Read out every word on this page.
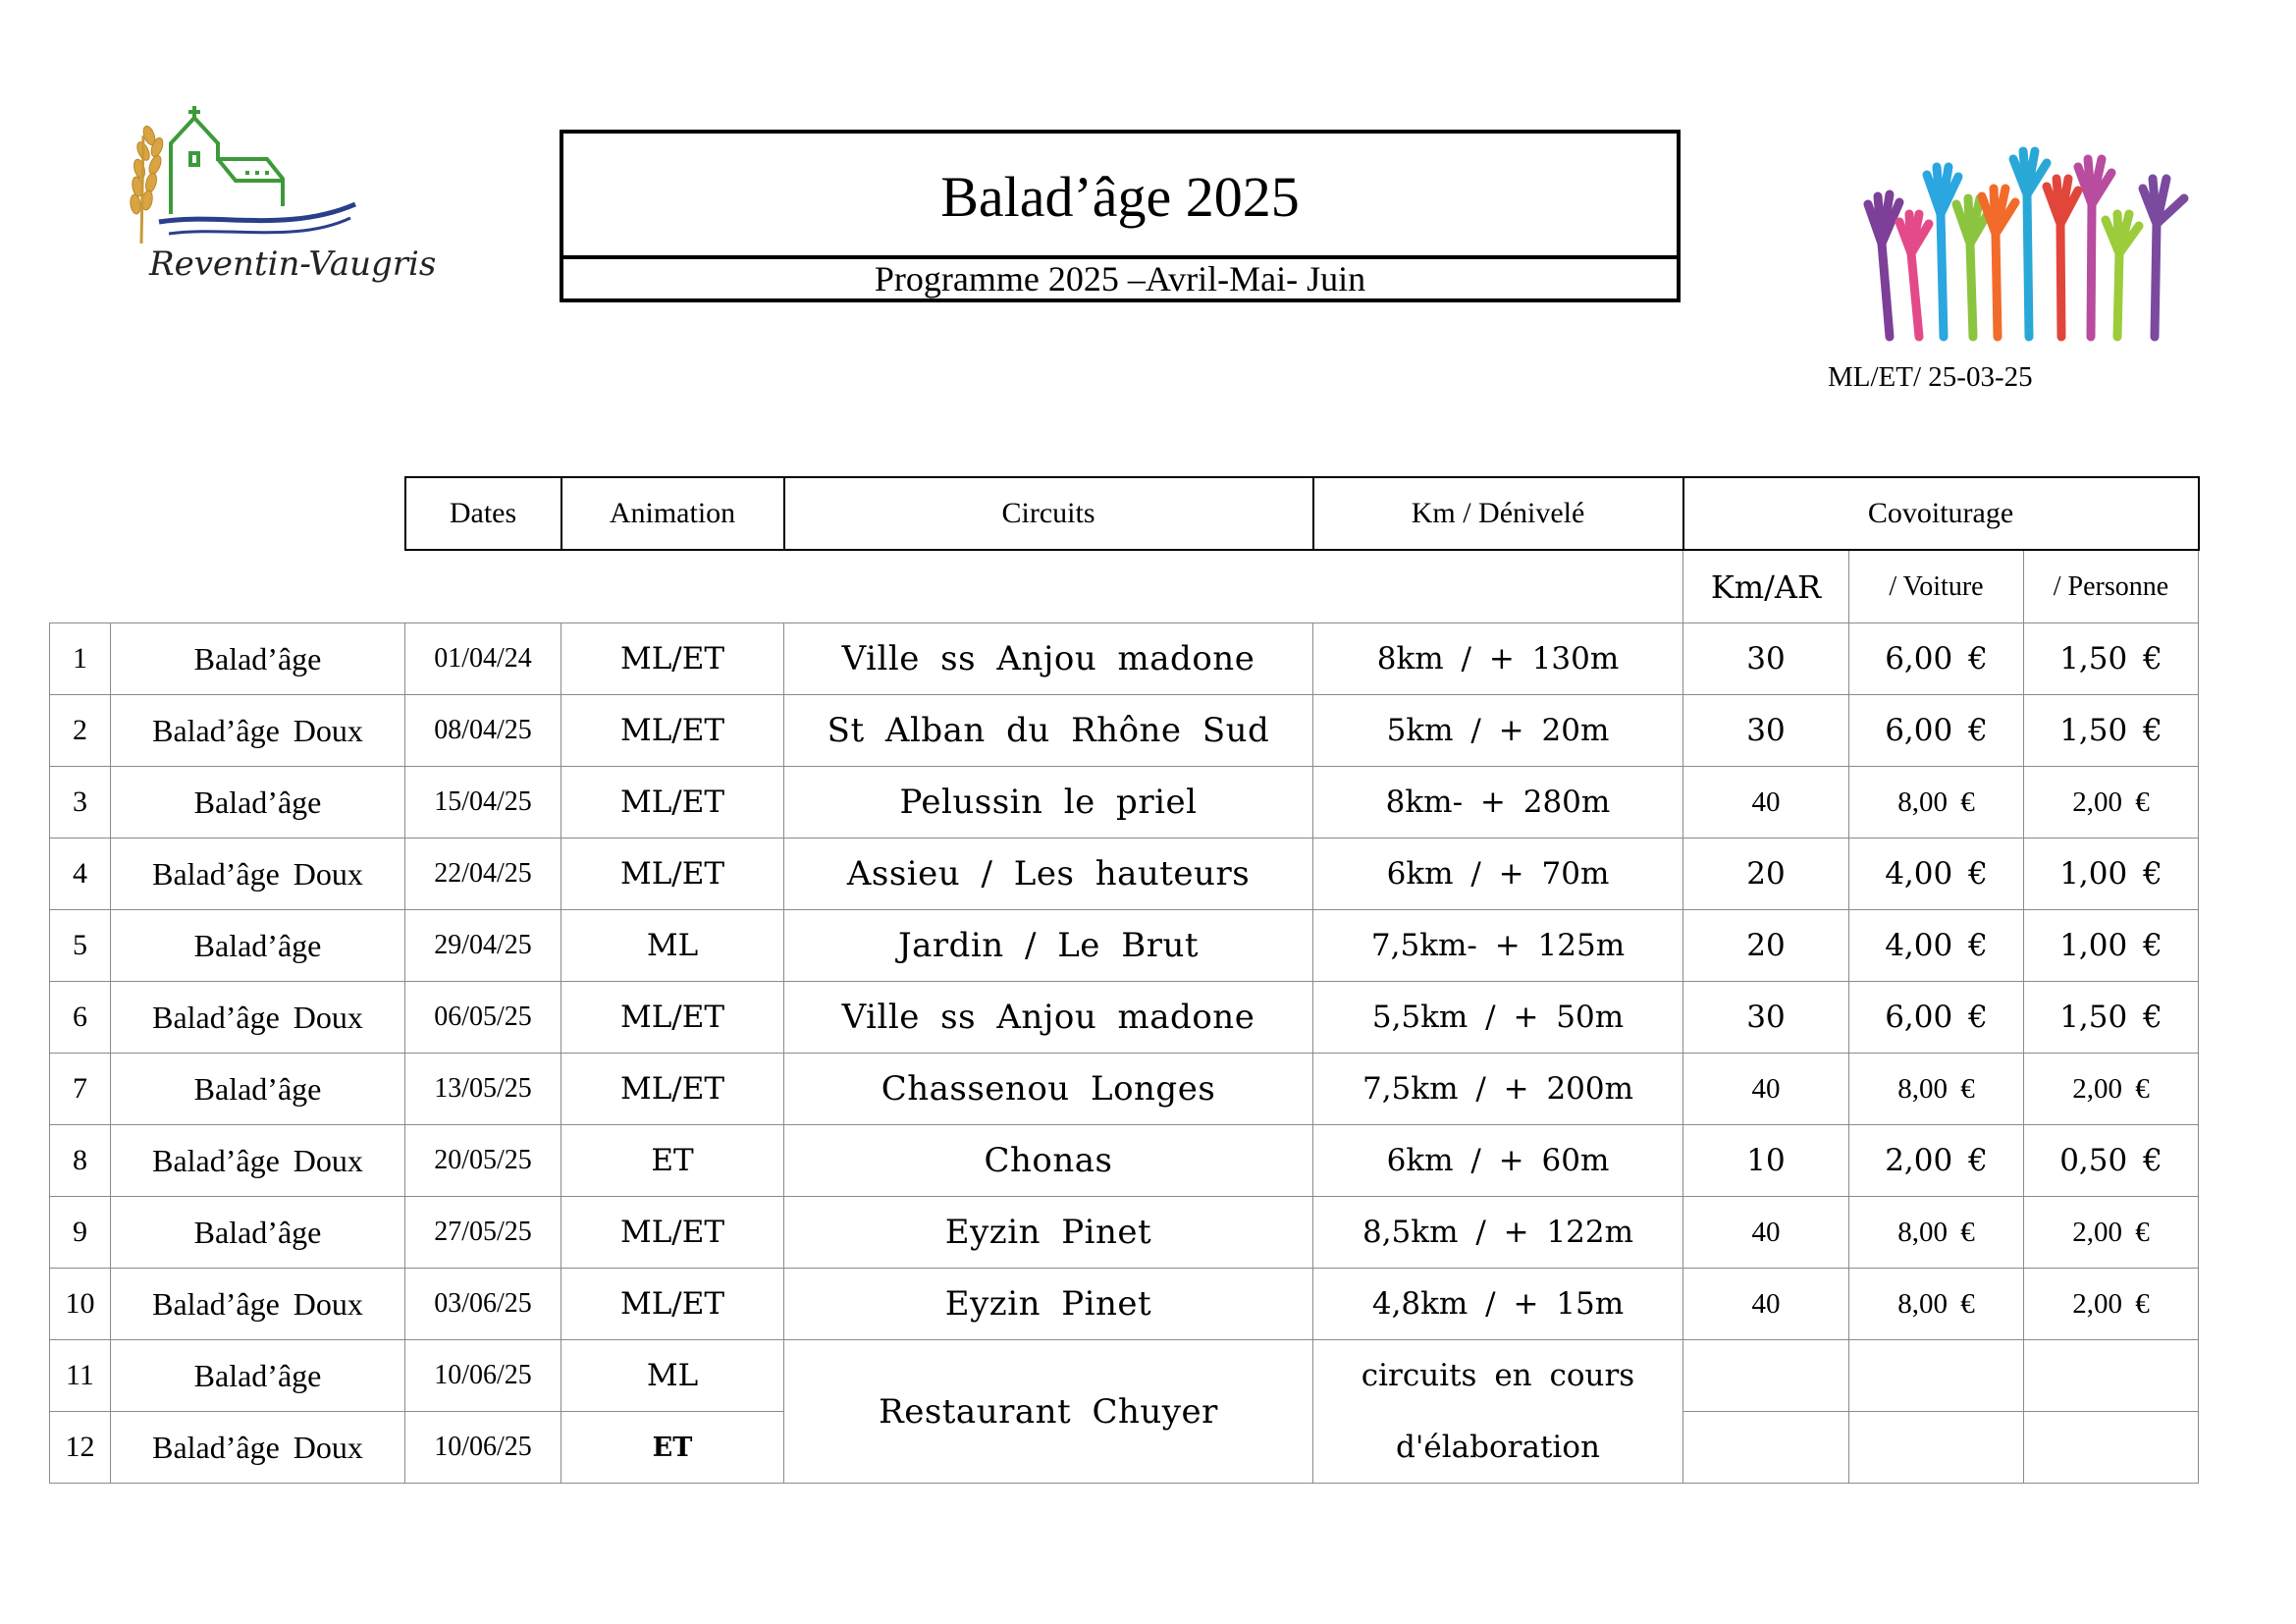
Reventin-Vaugris
Balad’âge 2025
Programme 2025 –Avril-Mai- Juin
ML/ET/ 25-03-25
		Dates	Animation	Circuits	Km / Dénivelé	Covoiturage		
						Km/AR	/ Voiture	/ Personne
1	Balad’âge	01/04/24	ML/ET	Ville ss Anjou madone	8km / + 130m	30	6,00 €	1,50 €
2	Balad’âge Doux	08/04/25	ML/ET	St Alban du Rhône Sud	5km / + 20m	30	6,00 €	1,50 €
3	Balad’âge	15/04/25	ML/ET	Pelussin le priel	8km- + 280m	40	8,00 €	2,00 €
4	Balad’âge Doux	22/04/25	ML/ET	Assieu / Les hauteurs	6km / + 70m	20	4,00 €	1,00 €
5	Balad’âge	29/04/25	ML	Jardin / Le Brut	7,5km- + 125m	20	4,00 €	1,00 €
6	Balad’âge Doux	06/05/25	ML/ET	Ville ss Anjou madone	5,5km / + 50m	30	6,00 €	1,50 €
7	Balad’âge	13/05/25	ML/ET	Chassenou Longes	7,5km / + 200m	40	8,00 €	2,00 €
8	Balad’âge Doux	20/05/25	ET	Chonas	6km / + 60m	10	2,00 €	0,50 €
9	Balad’âge	27/05/25	ML/ET	Eyzin Pinet	8,5km / + 122m	40	8,00 €	2,00 €
10	Balad’âge Doux	03/06/25	ML/ET	Eyzin Pinet	4,8km / + 15m	40	8,00 €	2,00 €
11	Balad’âge	10/06/25	ML	Restaurant Chuyer	circuits en cours			
12	Balad’âge Doux	10/06/25	ET		d'élaboration			
